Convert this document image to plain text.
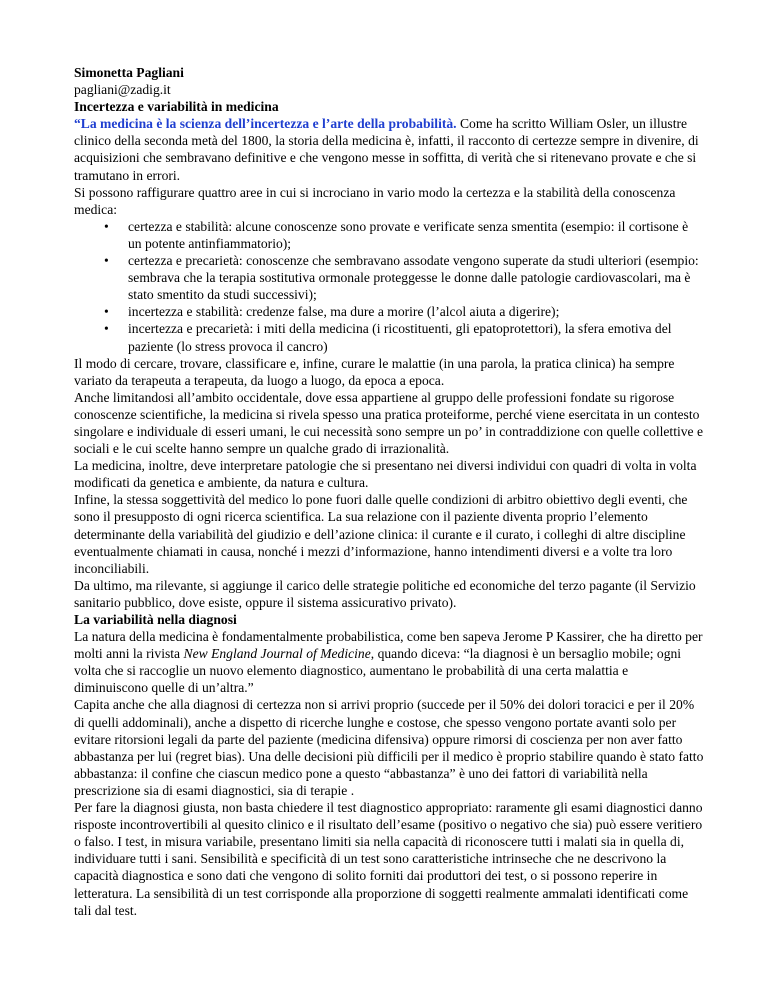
Simonetta Pagliani

pagliani@zadig.it

Incertezza e variabilità in medicina

“La medicina è la scienza dell’incertezza e l’arte della probabilità. Come ha scritto William Osler, un illustre clinico della seconda metà del 1800, la storia della medicina è, infatti, il racconto di certezze sempre in divenire, di acquisizioni che sembravano definitive e che vengono messe in soffitta, di verità che si ritenevano provate e che si tramutano in errori.

Si possono raffigurare quattro aree in cui si incrociano in vario modo la certezza e la stabilità della conoscenza medica:

• certezza e stabilità: alcune conoscenze sono provate e verificate senza smentita (esempio: il cortisone è un potente antinfiammatorio);
• certezza e precarietà: conoscenze che sembravano assodate vengono superate da studi ulteriori (esempio: sembrava che la terapia sostitutiva ormonale proteggesse le donne dalle patologie cardiovascolari, ma è stato smentito da studi successivi);
• incertezza e stabilità: credenze false, ma dure a morire (l’alcol aiuta a digerire);
• incertezza e precarietà: i miti della medicina (i ricostituenti, gli epatoprotettori), la sfera emotiva del paziente (lo stress provoca il cancro)

Il modo di cercare, trovare, classificare e, infine, curare le malattie (in una parola, la pratica clinica) ha sempre variato da terapeuta a terapeuta, da luogo a luogo, da epoca a epoca.

Anche limitandosi all’ambito occidentale, dove essa appartiene al gruppo delle professioni fondate su rigorose conoscenze scientifiche, la medicina si rivela spesso una pratica proteiforme, perché viene esercitata in un contesto singolare e individuale di esseri umani, le cui necessità sono sempre un po’ in contraddizione con quelle collettive e sociali e le cui scelte hanno sempre un qualche grado di irrazionalità.

La medicina, inoltre, deve interpretare patologie che si presentano nei diversi individui con quadri di volta in volta modificati da genetica e ambiente, da natura e cultura.

Infine, la stessa soggettività del medico lo pone fuori dalle quelle condizioni di arbitro obiettivo degli eventi, che sono il presupposto di ogni ricerca scientifica. La sua relazione con il paziente diventa proprio l’elemento determinante della variabilità del giudizio e dell’azione clinica: il curante e il curato, i colleghi di altre discipline eventualmente chiamati in causa, nonché i mezzi d’informazione, hanno intendimenti diversi e a volte tra loro inconciliabili.

Da ultimo, ma rilevante, si aggiunge il carico delle strategie politiche ed economiche del terzo pagante (il Servizio sanitario pubblico, dove esiste, oppure il sistema assicurativo privato).

La variabilità nella diagnosi

La natura della medicina è fondamentalmente probabilistica, come ben sapeva Jerome P Kassirer, che ha diretto per molti anni la rivista New England Journal of Medicine, quando diceva: “la diagnosi è un bersaglio mobile; ogni volta che si raccoglie un nuovo elemento diagnostico, aumentano le probabilità di una certa malattia e diminuiscono quelle di un’altra.”

Capita anche che alla diagnosi di certezza non si arrivi proprio (succede per il 50% dei dolori toracici e per il 20% di quelli addominali), anche a dispetto di ricerche lunghe e costose, che spesso vengono portate avanti solo per evitare ritorsioni legali da parte del paziente (medicina difensiva) oppure rimorsi di coscienza per non aver fatto abbastanza per lui (regret bias). Una delle decisioni più difficili per il medico è proprio stabilire quando è stato fatto abbastanza: il confine che ciascun medico pone a questo “abbastanza” è uno dei fattori di variabilità nella prescrizione sia di esami diagnostici, sia di terapie .

Per fare la diagnosi giusta, non basta chiedere il test diagnostico appropriato: raramente gli esami diagnostici danno risposte incontrovertibili al quesito clinico e il risultato dell’esame (positivo o negativo che sia) può essere veritiero o falso. I test, in misura variabile, presentano limiti sia nella capacità di riconoscere tutti i malati sia in quella di, individuare tutti i sani. Sensibilità e specificità di un test sono caratteristiche intrinseche che ne descrivono la capacità diagnostica e sono dati che vengono di solito forniti dai produttori dei test, o si possono reperire in letteratura. La sensibilità di un test corrisponde alla proporzione di soggetti realmente ammalati identificati come tali dal test.
